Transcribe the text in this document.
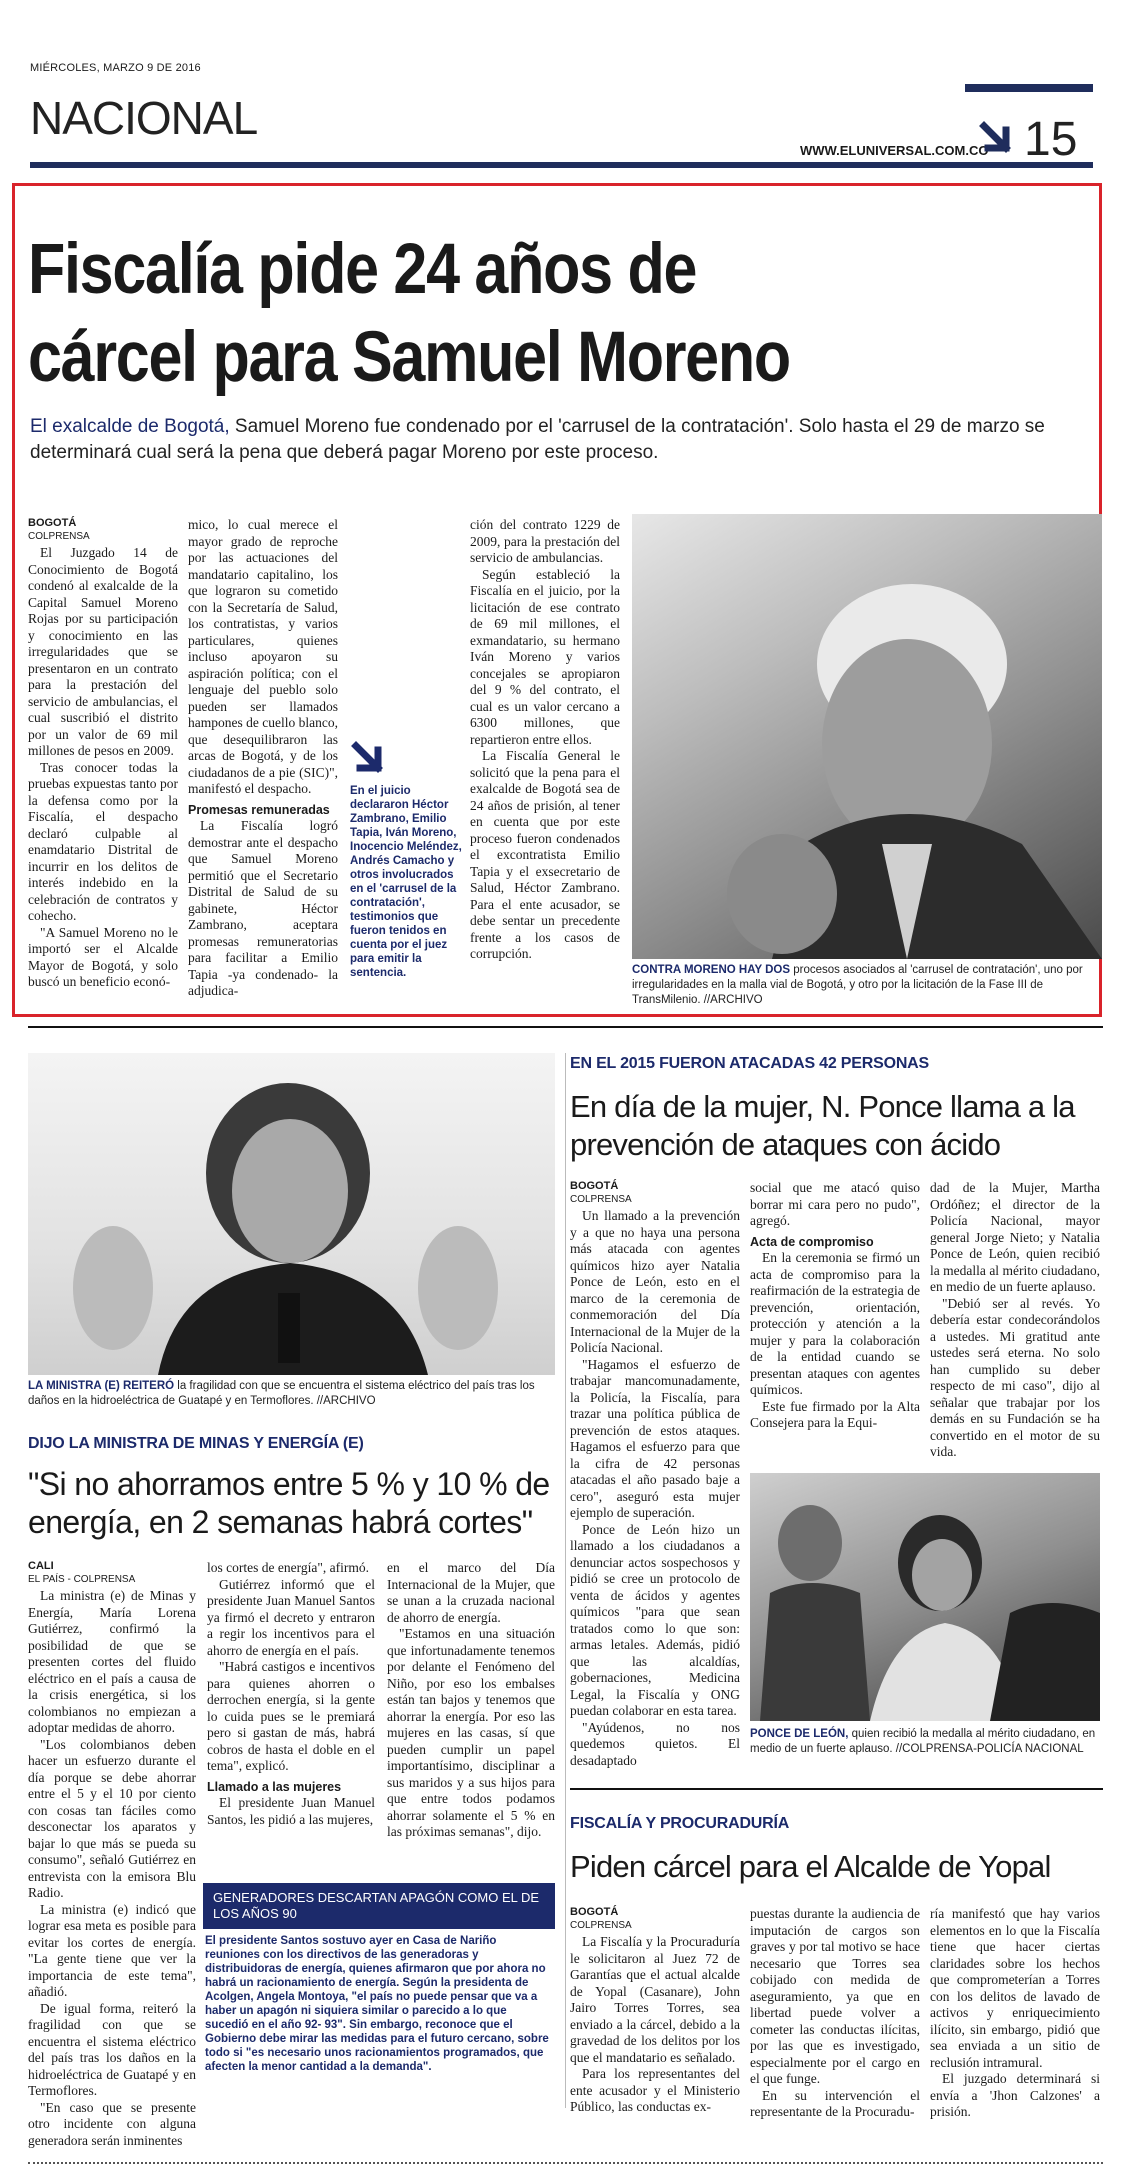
MIÉRCOLES, MARZO 9 DE 2016
NACIONAL
WWW.ELUNIVERSAL.COM.CO 15
Fiscalía pide 24 años de
cárcel para Samuel Moreno
El exalcalde de Bogotá, Samuel Moreno fue condenado por el 'carrusel de la contratación'. Solo hasta el 29 de marzo se determinará cual será la pena que deberá pagar Moreno por este proceso.
BOGOTÁ
COLPRENSA

El Juzgado 14 de Conocimiento de Bogotá condenó al exalcalde de la Capital Samuel Moreno Rojas por su participación y conocimiento en las irregularidades que se presentaron en un contrato para la prestación del servicio de ambulancias, el cual suscribió el distrito por un valor de 69 mil millones de pesos en 2009.

Tras conocer todas la pruebas expuestas tanto por la defensa como por la Fiscalía, el despacho declaró culpable al enamdatario Distrital de incurrir en los delitos de interés indebido en la celebración de contratos y cohecho.

"A Samuel Moreno no le importó ser el Alcalde Mayor de Bogotá, y solo buscó un beneficio econó-

mico, lo cual merece el mayor grado de reproche por las actuaciones del mandatario capitalino, los que lograron su cometido con la Secretaría de Salud, los contratistas, y varios particulares, quienes incluso apoyaron su aspiración política; con el lenguaje del pueblo solo pueden ser llamados hampones de cuello blanco, que desequilibraron las arcas de Bogotá, y de los ciudadanos de a pie (SIC)", manifestó el despacho.

Promesas remuneradas

La Fiscalía logró demostrar ante el despacho que Samuel Moreno permitió que el Secretario Distrital de Salud de su gabinete, Héctor Zambrano, aceptara promesas remuneratorias para facilitar a Emilio Tapia -ya condenado- la adjudica-

En el juicio declararon Héctor Zambrano, Emilio Tapia, Iván Moreno, Inocencio Meléndez, Andrés Camacho y otros involucrados en el 'carrusel de la contratación', testimonios que fueron tenidos en cuenta por el juez para emitir la sentencia.

ción del contrato 1229 de 2009, para la prestación del servicio de ambulancias.

Según estableció la Fiscalía en el juicio, por la licitación de ese contrato de 69 mil millones, el exmandatario, su hermano Iván Moreno y varios concejales se apropiaron del 9 % del contrato, el cual es un valor cercano a 6300 millones, que repartieron entre ellos.

La Fiscalía General le solicitó que la pena para el exalcalde de Bogotá sea de 24 años de prisión, al tener en cuenta que por este proceso fueron condenados el excontratista Emilio Tapia y el exsecretario de Salud, Héctor Zambrano. Para el ente acusador, se debe sentar un precedente frente a los casos de corrupción.

CONTRA MORENO HAY DOS procesos asociados al 'carrusel de contratación', uno por irregularidades en la malla vial de Bogotá, y otro por la licitación de la Fase III de TransMilenio. //ARCHIVO
LA MINISTRA (E) REITERÓ la fragilidad con que se encuentra el sistema eléctrico del país tras los daños en la hidroeléctrica de Guatapé y en Termoflores. //ARCHIVO
DIJO LA MINISTRA DE MINAS Y ENERGÍA (E)
"Si no ahorramos entre 5 % y 10 % de energía, en 2 semanas habrá cortes"
CALI
EL PAÍS - COLPRENSA

La ministra (e) de Minas y Energía, María Lorena Gutiérrez, confirmó la posibilidad de que se presenten cortes del fluido eléctrico en el país a causa de la crisis energética, si los colombianos no empiezan a adoptar medidas de ahorro.

"Los colombianos deben hacer un esfuerzo durante el día porque se debe ahorrar entre el 5 y el 10 por ciento con cosas tan fáciles como desconectar los aparatos y bajar lo que más se pueda su consumo", señaló Gutiérrez en entrevista con la emisora Blu Radio.

La ministra (e) indicó que lograr esa meta es posible para evitar los cortes de energía. "La gente tiene que ver la importancia de este tema", añadió.

De igual forma, reiteró la fragilidad con que se encuentra el sistema eléctrico del país tras los daños en la hidroeléctrica de Guatapé y en Termoflores.

"En caso que se presente otro incidente con alguna generadora serán inminentes

los cortes de energía", afirmó.

Gutiérrez informó que el presidente Juan Manuel Santos ya firmó el decreto y entraron a regir los incentivos para el ahorro de energía en el país.

"Habrá castigos e incentivos para quienes ahorren o derrochen energía, si la gente lo cuida pues se le premiará pero si gastan de más, habrá cobros de hasta el doble en el tema", explicó.

Llamado a las mujeres

El presidente Juan Manuel Santos, les pidió a las mujeres,

en el marco del Día Internacional de la Mujer, que se unan a la cruzada nacional de ahorro de energía.

"Estamos en una situación que infortunadamente tenemos por delante el Fenómeno del Niño, por eso los embalses están tan bajos y tenemos que ahorrar la energía. Por eso las mujeres en las casas, sí que pueden cumplir un papel importantísimo, disciplinar a sus maridos y a sus hijos para que entre todos podamos ahorrar solamente el 5 % en las próximas semanas", dijo.

GENERADORES DESCARTAN APAGÓN COMO EL DE LOS AÑOS 90
El presidente Santos sostuvo ayer en Casa de Nariño reuniones con los directivos de las generadoras y distribuidoras de energía, quienes afirmaron que por ahora no habrá un racionamiento de energía. Según la presidenta de Acolgen, Angela Montoya, "el país no puede pensar que va a haber un apagón ni siquiera similar o parecido a lo que sucedió en el año 92- 93". Sin embargo, reconoce que el Gobierno debe mirar las medidas para el futuro cercano, sobre todo si "es necesario unos racionamientos programados, que afecten la menor cantidad a la demanda".
EN EL 2015 FUERON ATACADAS 42 PERSONAS
En día de la mujer, N. Ponce llama a la prevención de ataques con ácido
BOGOTÁ
COLPRENSA

Un llamado a la prevención y a que no haya una persona más atacada con agentes químicos hizo ayer Natalia Ponce de León, esto en el marco de la ceremonia de conmemoración del Día Internacional de la Mujer de la Policía Nacional.

"Hagamos el esfuerzo de trabajar mancomunadamente, la Policía, la Fiscalía, para trazar una política pública de prevención de estos ataques. Hagamos el esfuerzo para que la cifra de 42 personas atacadas el año pasado baje a cero", aseguró esta mujer ejemplo de superación.

Ponce de León hizo un llamado a los ciudadanos a denunciar actos sospechosos y pidió se cree un protocolo de venta de ácidos y agentes químicos "para que sean tratados como lo que son: armas letales. Además, pidió que las alcaldías, gobernaciones, Medicina Legal, la Fiscalía y ONG puedan colaborar en esta tarea.

"Ayúdenos, no nos quedemos quietos. El desadaptado

social que me atacó quiso borrar mi cara pero no pudo", agregó.

Acta de compromiso

En la ceremonia se firmó un acta de compromiso para la reafirmación de la estrategia de prevención, orientación, protección y atención a la mujer y para la colaboración de la entidad cuando se presentan ataques con agentes químicos.

Este fue firmado por la Alta Consejera para la Equi-

dad de la Mujer, Martha Ordóñez; el director de la Policía Nacional, mayor general Jorge Nieto; y Natalia Ponce de León, quien recibió la medalla al mérito ciudadano, en medio de un fuerte aplauso.

"Debió ser al revés. Yo debería estar condecorándolos a ustedes. Mi gratitud ante ustedes será eterna. No solo han cumplido su deber respecto de mi caso", dijo al señalar que trabajar por los demás en su Fundación se ha convertido en el motor de su vida.

PONCE DE LEÓN, quien recibió la medalla al mérito ciudadano, en medio de un fuerte aplauso. //COLPRENSA-POLICÍA NACIONAL
FISCALÍA Y PROCURADURÍA
Piden cárcel para el Alcalde de Yopal
BOGOTÁ
COLPRENSA

La Fiscalía y la Procuraduría le solicitaron al Juez 72 de Garantías que el actual alcalde de Yopal (Casanare), John Jairo Torres Torres, sea enviado a la cárcel, debido a la gravedad de los delitos por los que el mandatario es señalado.

Para los representantes del ente acusador y el Ministerio Público, las conductas ex-

puestas durante la audiencia de imputación de cargos son graves y por tal motivo se hace necesario que Torres sea cobijado con medida de aseguramiento, ya que en libertad puede volver a cometer las conductas ilícitas, por las que es investigado, especialmente por el cargo en el que funge.

En su intervención el representante de la Procuradu-

ría manifestó que hay varios elementos en lo que la Fiscalía tiene que hacer ciertas claridades sobre los hechos que comprometerían a Torres con los delitos de lavado de activos y enriquecimiento ilícito, sin embargo, pidió que sea enviada a un sitio de reclusión intramural.

El juzgado determinará si envía a 'Jhon Calzones' a prisión.
